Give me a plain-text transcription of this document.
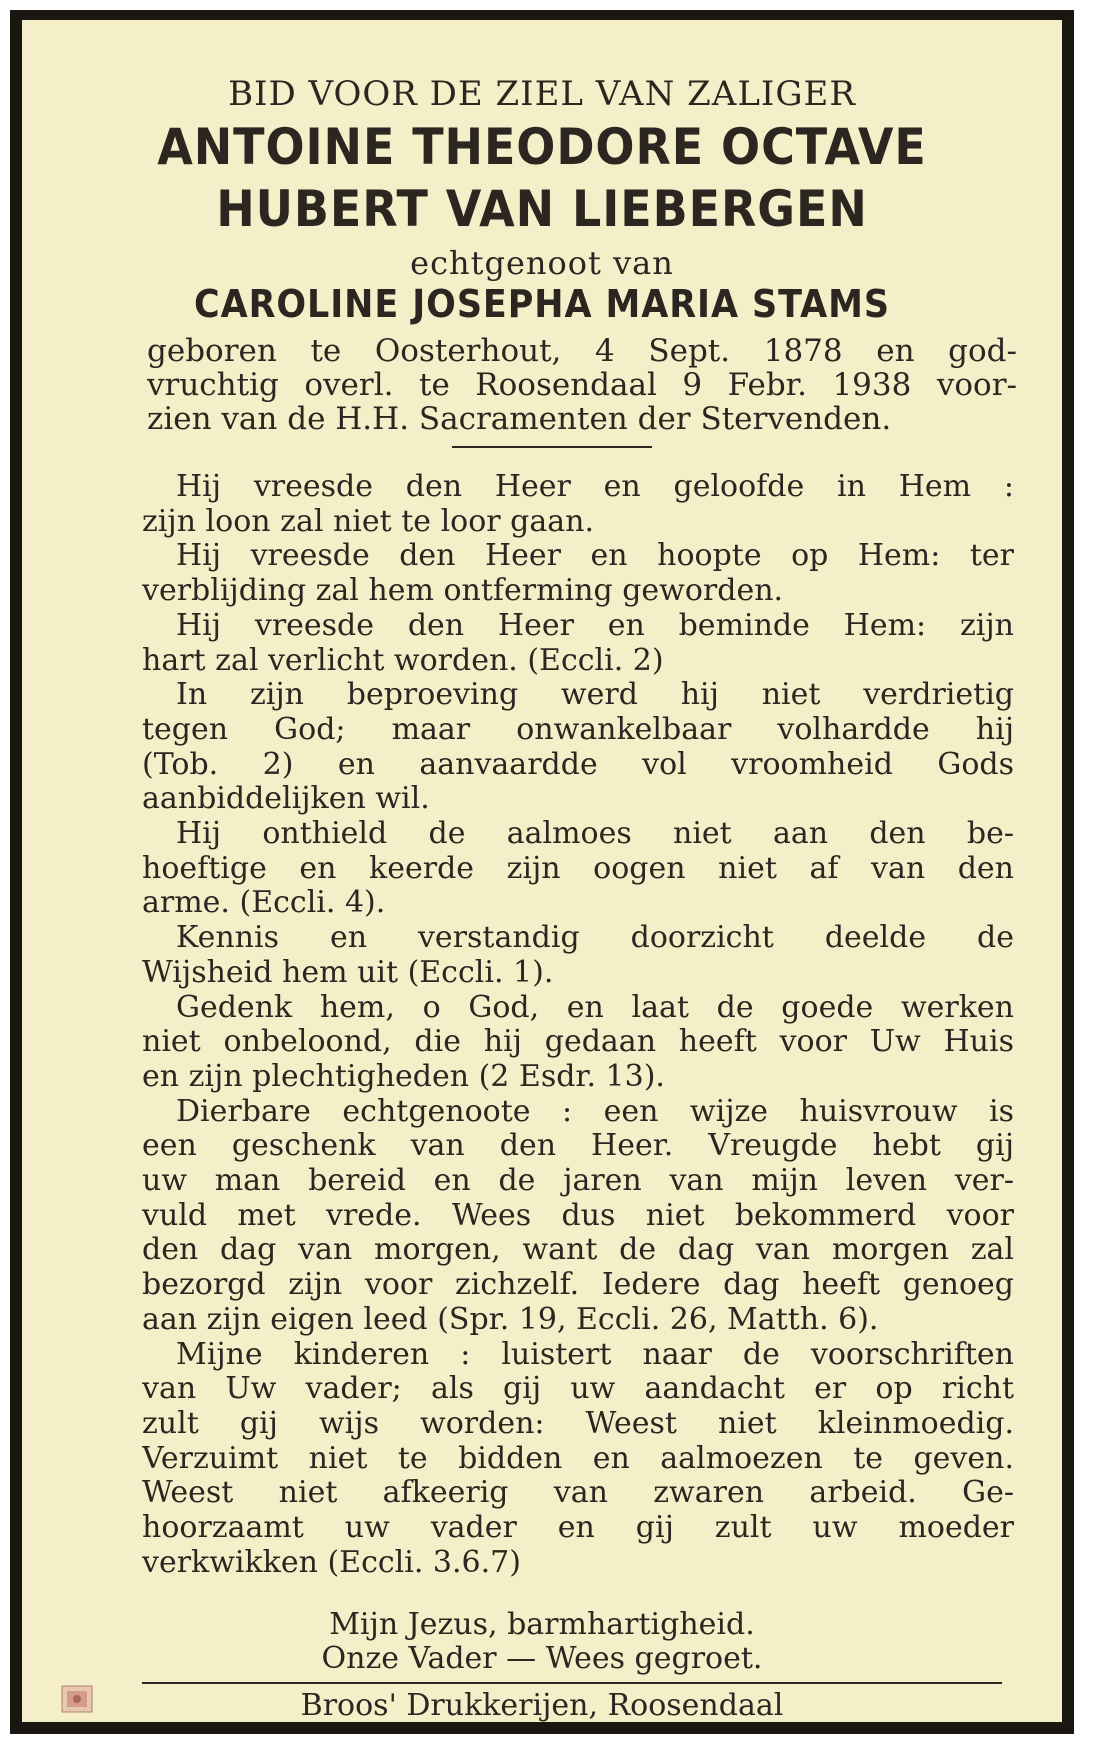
BID VOOR DE ZIEL VAN ZALIGER
ANTOINE THEODORE OCTAVE
HUBERT VAN LIEBERGEN
echtgenoot van
CAROLINE JOSEPHA MARIA STAMS
geboren te Oosterhout, 4 Sept. 1878 en god-
vruchtig overl. te Roosendaal 9 Febr. 1938 voor-
zien van de H.H. Sacramenten der Stervenden.
Hij vreesde den Heer en geloofde in Hem :
zijn loon zal niet te loor gaan.
Hij vreesde den Heer en hoopte op Hem: ter
verblijding zal hem ontferming geworden.
Hij vreesde den Heer en beminde Hem: zijn
hart zal verlicht worden. (Eccli. 2)
In zijn beproeving werd hij niet verdrietig
tegen God; maar onwankelbaar volhardde hij
(Tob. 2) en aanvaardde vol vroomheid Gods
aanbiddelijken wil.
Hij onthield de aalmoes niet aan den be-
hoeftige en keerde zijn oogen niet af van den
arme. (Eccli. 4).
Kennis en verstandig doorzicht deelde de
Wijsheid hem uit (Eccli. 1).
Gedenk hem, o God, en laat de goede werken
niet onbeloond, die hij gedaan heeft voor Uw Huis
en zijn plechtigheden (2 Esdr. 13).
Dierbare echtgenoote : een wijze huisvrouw is
een geschenk van den Heer. Vreugde hebt gij
uw man bereid en de jaren van mijn leven ver-
vuld met vrede. Wees dus niet bekommerd voor
den dag van morgen, want de dag van morgen zal
bezorgd zijn voor zichzelf. Iedere dag heeft genoeg
aan zijn eigen leed (Spr. 19, Eccli. 26, Matth. 6).
Mijne kinderen : luistert naar de voorschriften
van Uw vader; als gij uw aandacht er op richt
zult gij wijs worden: Weest niet kleinmoedig.
Verzuimt niet te bidden en aalmoezen te geven.
Weest niet afkeerig van zwaren arbeid. Ge-
hoorzaamt uw vader en gij zult uw moeder
verkwikken (Eccli. 3.6.7)
Mijn Jezus, barmhartigheid.
Onze Vader — Wees gegroet.
Broos' Drukkerijen, Roosendaal
